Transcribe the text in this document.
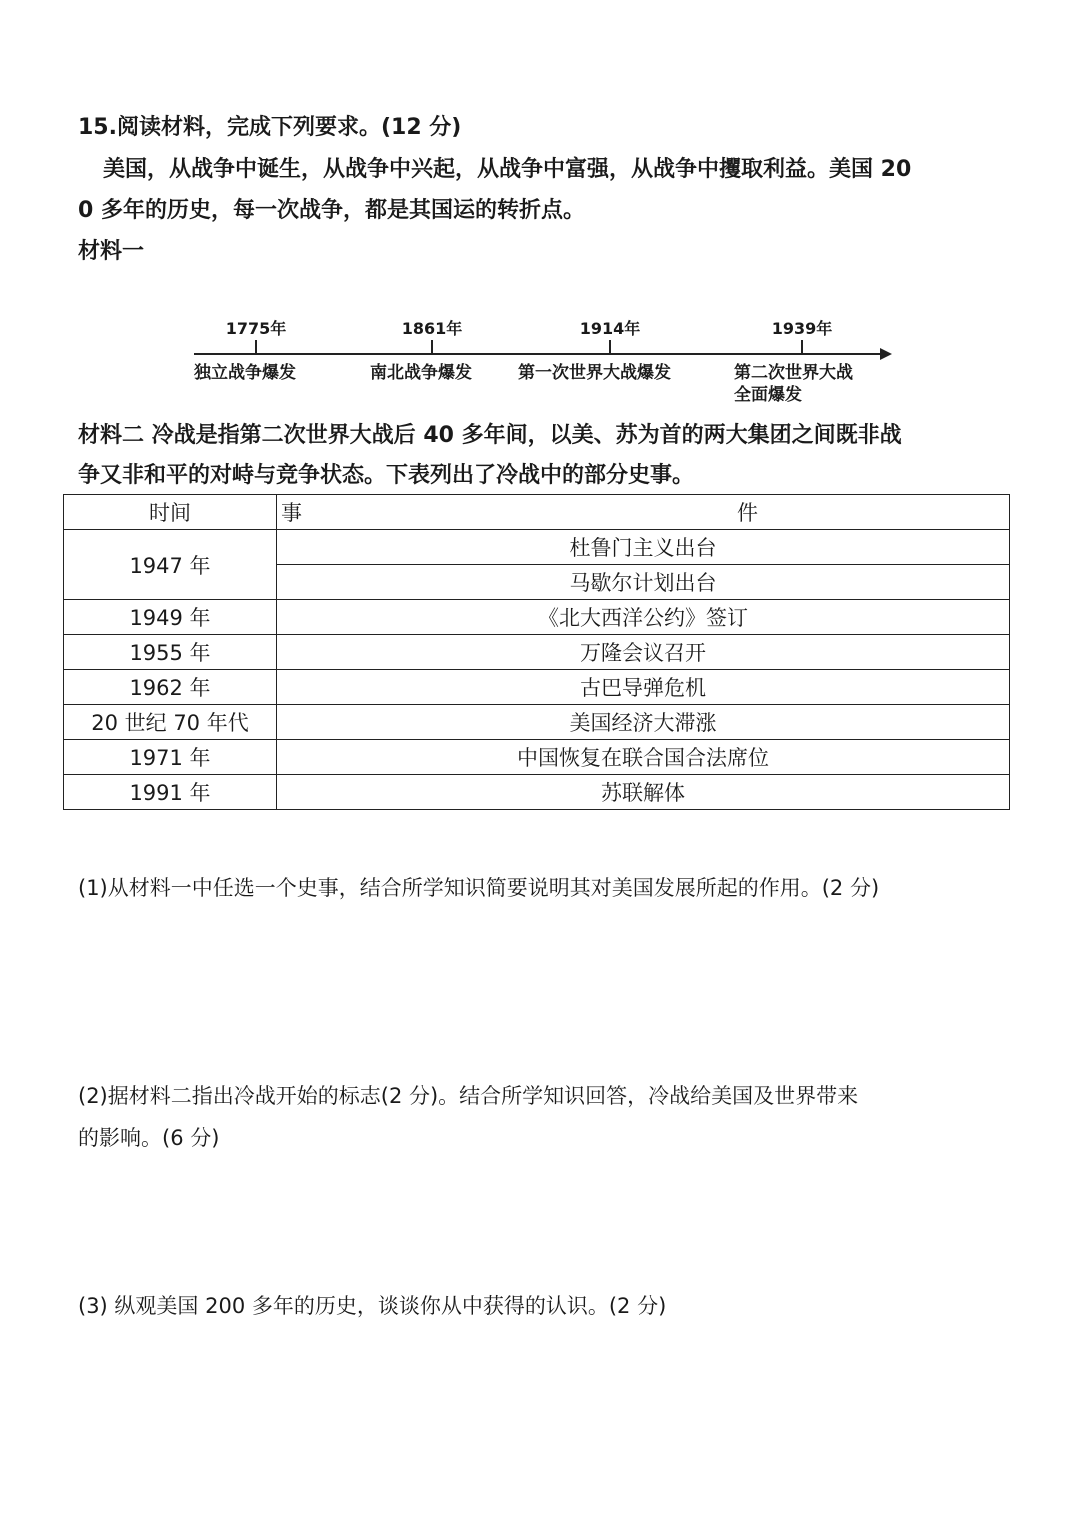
15.阅读材料，完成下列要求。(12 分)
美国，从战争中诞生，从战争中兴起，从战争中富强，从战争中攫取利益。美国 20
0 多年的历史，每一次战争，都是其国运的转折点。
材料一
1775年
独立战争爆发
1861年
南北战争爆发
1914年
第一次世界大战爆发
1939年
第二次世界大战
全面爆发
材料二 冷战是指第二次世界大战后 40 多年间，以美、苏为首的两大集团之间既非战
争又非和平的对峙与竞争状态。下表列出了冷战中的部分史事。
时间	事 件

1947 年	杜鲁门主义出台
	马歇尔计划出台
1949 年	《北大西洋公约》签订
1955 年	万隆会议召开
1962 年	古巴导弹危机
20 世纪 70 年代	美国经济大滞涨
1971 年	中国恢复在联合国合法席位
1991 年	苏联解体
(1)从材料一中任选一个史事，结合所学知识简要说明其对美国发展所起的作用。(2 分)
(2)据材料二指出冷战开始的标志(2 分)。结合所学知识回答，冷战给美国及世界带来
的影响。(6 分)
(3) 纵观美国 200 多年的历史，谈谈你从中获得的认识。(2 分)
